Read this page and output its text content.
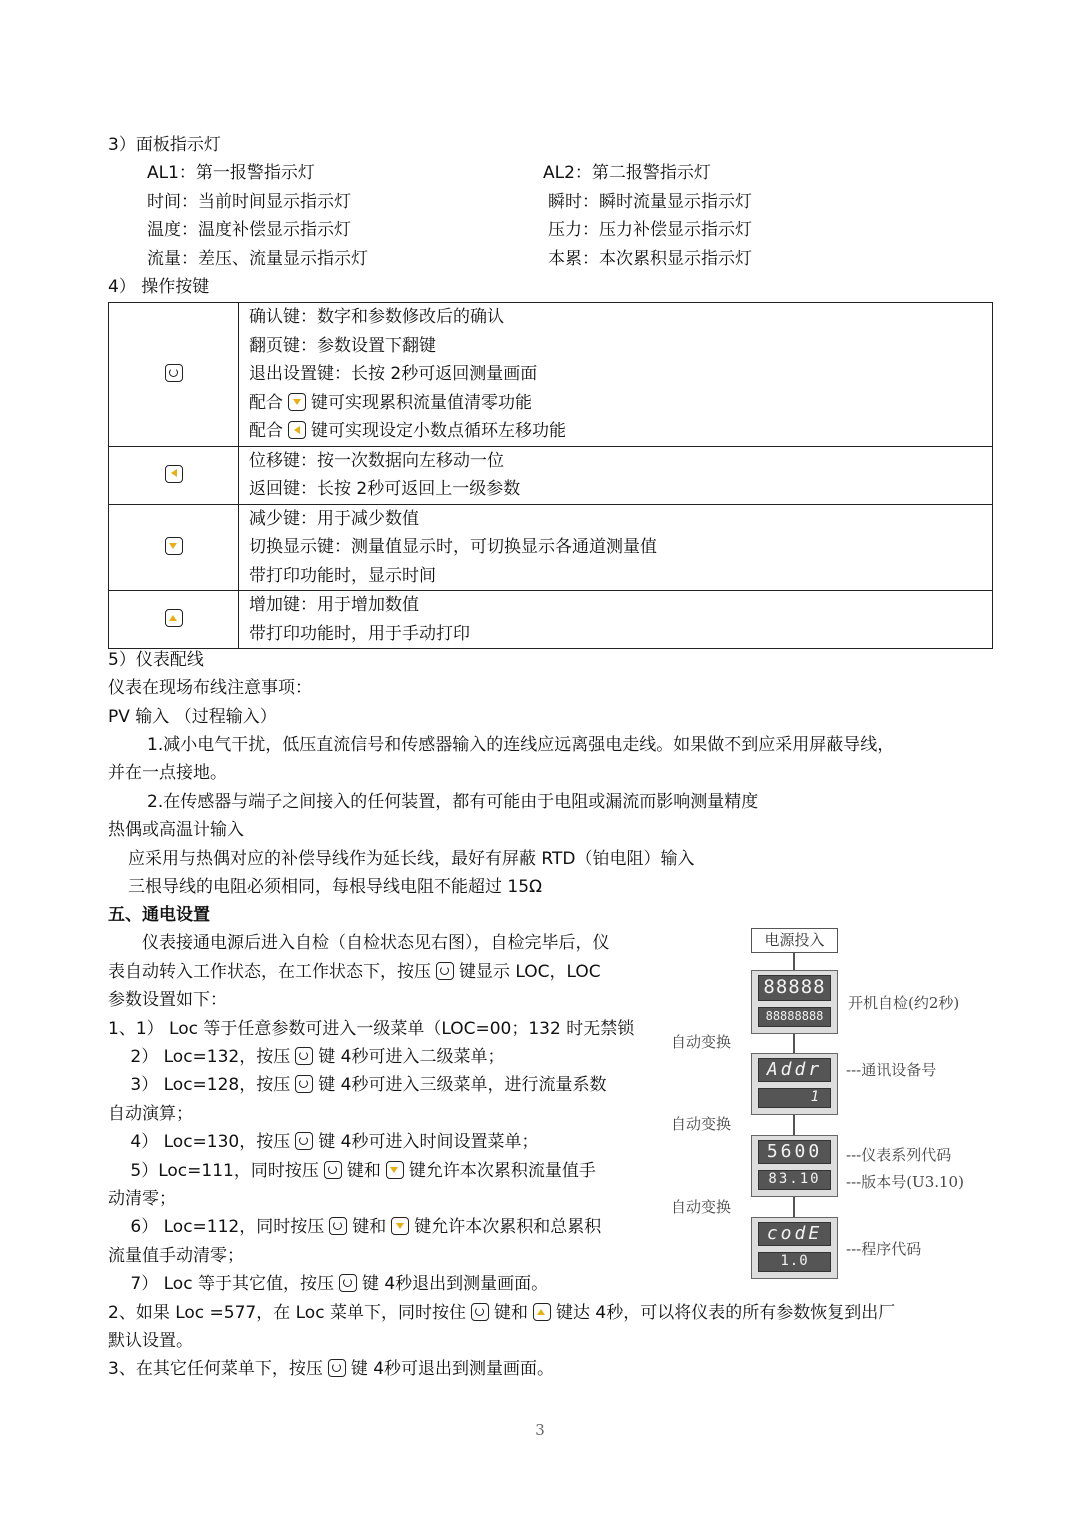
3）面板指示灯
AL1：第一报警指示灯
时间：当前时间显示指示灯
温度：温度补偿显示指示灯
流量：差压、流量显示指示灯
AL2：第二报警指示灯
瞬时：瞬时流量显示指示灯
压力：压力补偿显示指示灯
本累：本次累积显示指示灯
4） 操作按键

	确认键：数字和参数修改后的确认
翻页键：参数设置下翻键
退出设置键：长按 2秒可返回测量画面
配合 键可实现累积流量值清零功能
配合 键可实现设定小数点循环左移功能

	位移键：按一次数据向左移动一位
返回键：长按 2秒可返回上一级参数

	减少键：用于减少数值
切换显示键：测量值显示时，可切换显示各通道测量值
带打印功能时，显示时间

	增加键：用于增加数值
带打印功能时，用于手动打印
5）仪表配线
仪表在现场布线注意事项：
PV 输入 （过程输入）
1.减小电气干扰，低压直流信号和传感器输入的连线应远离强电走线。如果做不到应采用屏蔽导线，
并在一点接地。
2.在传感器与端子之间接入的任何装置，都有可能由于电阻或漏流而影响测量精度
热偶或高温计输入
应采用与热偶对应的补偿导线作为延长线，最好有屏蔽 RTD（铂电阻）输入
三根导线的电阻必须相同，每根导线电阻不能超过 15Ω
五、通电设置
　　仪表接通电源后进入自检（自检状态见右图），自检完毕后，仪
表自动转入工作状态，在工作状态下，按压 键显示 LOC，LOC
参数设置如下：
1、1） Loc 等于任意参数可进入一级菜单（LOC=00；132 时无禁锁
　 2） Loc=132，按压 键 4秒可进入二级菜单；
　 3） Loc=128，按压 键 4秒可进入三级菜单，进行流量系数
自动演算；
　 4） Loc=130，按压 键 4秒可进入时间设置菜单；
　 5）Loc=111，同时按压 键和 键允许本次累积流量值手
动清零；
　 6） Loc=112，同时按压 键和 键允许本次累积和总累积
流量值手动清零；
　 7） Loc 等于其它值，按压 键 4秒退出到测量画面。
2、如果 Loc =577，在 Loc 菜单下，同时按住 键和 键达 4秒，可以将仪表的所有参数恢复到出厂
默认设置。
3、在其它任何菜单下，按压 键 4秒可退出到测量画面。
电源投入
88888
88888888
开机自检(约2秒)
自动变换
Addr
1
---通讯设备号
自动变换
5600
83.10
---仪表系列代码
---版本号(U3.10)
自动变换
codE
1.0
---程序代码
3
